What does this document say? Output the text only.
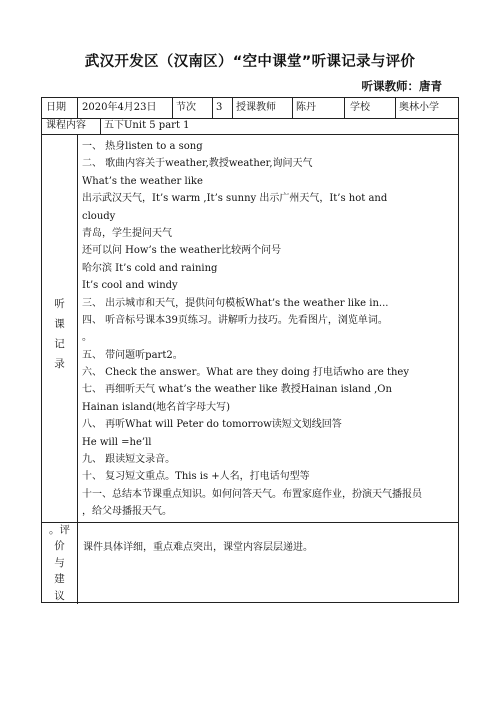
武汉开发区（汉南区）“空中课堂”听课记录与评价
听课教师：唐青
日期 2020年4月23日 节次 3 授课教师 陈丹	学校	奥林小学
课程内容 五下Unit 5 part 1
听
课
记
录
一、 热身listen to a song
二、 歌曲内容关于weather,教授weather,询问天气
What’s the weather like
出示武汉天气，It’s warm ,It’s sunny 出示广州天气，It’s hot and
cloudy
青岛，学生提问天气
还可以问 How’s the weather比较两个问号
哈尔滨 It’s cold and raining
It’s cool and windy
三、 出示城市和天气，提供问句模板What’s the weather like in...
四、 听音标号课本39页练习。讲解听力技巧。先看图片，浏览单词。
。
五、 带问题听part2。
六、 Check the answer。What are they doing 打电话who are they
七、 再细听天气 what’s the weather like 教授Hainan island ,On
Hainan island(地名首字母大写)
八、 再听What will Peter do tomorrow读短文划线回答
He will =he’ll
九、 跟读短文录音。
十、 复习短文重点。This is +人名，打电话句型等
十一、总结本节课重点知识。如何问答天气。布置家庭作业，扮演天气播报员
，给父母播报天气。
。评
价
与
建
议
课件具体详细，重点难点突出，课堂内容层层递进。
